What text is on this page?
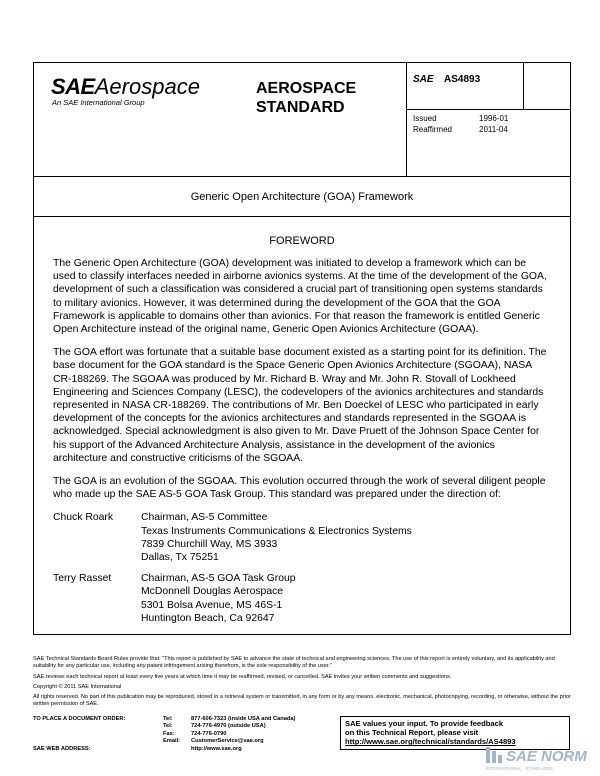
SAEAerospace
An SAE International Group
AEROSPACE
STANDARD
SAE AS4893
Issued	1996-01
Reaffirmed	2011-04
Generic Open Architecture (GOA) Framework
FOREWORD

The Generic Open Architecture (GOA) development was initiated to develop a framework which can be used to classify interfaces needed in airborne avionics systems. At the time of the development of the GOA, development of such a classification was considered a crucial part of transitioning open systems standards to military avionics. However, it was determined during the development of the GOA that the GOA Framework is applicable to domains other than avionics. For that reason the framework is entitled Generic Open Architecture instead of the original name, Generic Open Avionics Architecture (GOAA).

The GOA effort was fortunate that a suitable base document existed as a starting point for its definition. The base document for the GOA standard is the Space Generic Open Avionics Architecture (SGOAA), NASA CR-188269. The SGOAA was produced by Mr. Richard B. Wray and Mr. John R. Stovall of Lockheed Engineering and Sciences Company (LESC), the codevelopers of the avionics architectures and standards represented in NASA CR-188269. The contributions of Mr. Ben Doeckel of LESC who participated in early development of the concepts for the avionics architectures and standards represented in the SGOAA is acknowledged. Special acknowledgment is also given to Mr. Dave Pruett of the Johnson Space Center for his support of the Advanced Architecture Analysis, assistance in the development of the avionics architecture and constructive criticisms of the SGOAA.

The GOA is an evolution of the SGOAA. This evolution occurred through the work of several diligent people who made up the SAE AS-5 GOA Task Group. This standard was prepared under the direction of:

Chuck Roark	Chairman, AS-5 Committee
Texas Instruments Communications & Electronics Systems
7839 Churchill Way, MS 3933
Dallas, Tx 75251
Terry Rasset	Chairman, AS-5 GOA Task Group
McDonnell Douglas Aerospace
5301 Bolsa Avenue, MS 46S-1
Huntington Beach, Ca 92647

SAE Technical Standards Board Rules provide that: “This report is published by SAE to advance the state of technical and engineering sciences. The use of this report is entirely voluntary, and its applicability and suitability for any particular use, including any patent infringement arising therefrom, is the sole responsibility of the user.”

SAE reviews each technical report at least every five years at which time it may be reaffirmed, revised, or cancelled. SAE invites your written comments and suggestions.

Copyright © 2011 SAE International

All rights reserved. No part of this publication may be reproduced, stored in a retrieval system or transmitted, in any form or by any means, electronic, mechanical, photocopying, recording, or otherwise, without the prior written permission of SAE.

TO PLACE A DOCUMENT ORDER:	Tel:	877-606-7323 (inside USA and Canada)
Tel:	724-776-4970 (outside USA)
Fax:	724-776-0790
Email:	CustomerService@sae.org
SAE WEB ADDRESS:	http://www.sae.org
SAE values your input. To provide feedback
on this Technical Report, please visit
http://www.sae.org/technical/standards/AS4893
SAE NORM
INTERNATIONAL · STANDARDS
